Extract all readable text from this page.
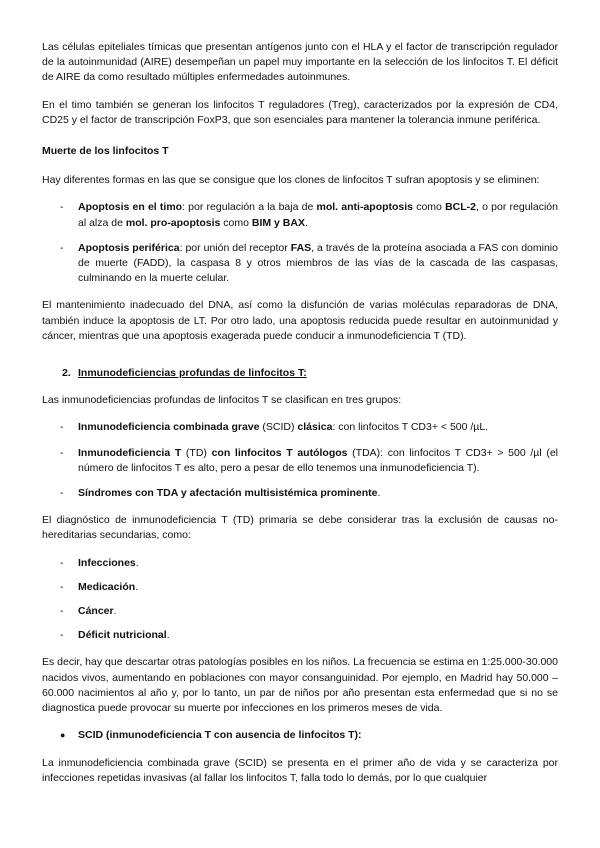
Las células epiteliales tímicas que presentan antígenos junto con el HLA y el factor de transcripción regulador de la autoinmunidad (AIRE) desempeñan un papel muy importante en la selección de los linfocitos T. El déficit de AIRE da como resultado múltiples enfermedades autoinmunes.

En el timo también se generan los linfocitos T reguladores (Treg), caracterizados por la expresión de CD4, CD25 y el factor de transcripción FoxP3, que son esenciales para mantener la tolerancia inmune periférica.

Muerte de los linfocitos T

Hay diferentes formas en las que se consigue que los clones de linfocitos T sufran apoptosis y se eliminen:

- Apoptosis en el timo: por regulación a la baja de mol. anti-apoptosis como BCL-2, o por regulación al alza de mol. pro-apoptosis como BIM y BAX.
- Apoptosis periférica: por unión del receptor FAS, a través de la proteína asociada a FAS con dominio de muerte (FADD), la caspasa 8 y otros miembros de las vías de la cascada de las caspasas, culminando en la muerte celular.

El mantenimiento inadecuado del DNA, así como la disfunción de varias moléculas reparadoras de DNA, también induce la apoptosis de LT. Por otro lado, una apoptosis reducida puede resultar en autoinmunidad y cáncer, mientras que una apoptosis exagerada puede conducir a inmunodeficiencia T (TD).

2. Inmunodeficiencias profundas de linfocitos T:

Las inmunodeficiencias profundas de linfocitos T se clasifican en tres grupos:

- Inmunodeficiencia combinada grave (SCID) clásica: con linfocitos T CD3+ < 500 /µL.
- Inmunodeficiencia T (TD) con linfocitos T autólogos (TDA): con linfocitos T CD3+ > 500 /µl (el número de linfocitos T es alto, pero a pesar de ello tenemos una inmunodeficiencia T).
- Síndromes con TDA y afectación multisistémica prominente.

El diagnóstico de inmunodeficiencia T (TD) primaria se debe considerar tras la exclusión de causas no-hereditarias secundarias, como:

- Infecciones.
- Medicación.
- Cáncer.
- Déficit nutricional.

Es decir, hay que descartar otras patologías posibles en los niños. La frecuencia se estima en 1:25.000-30.000 nacidos vivos, aumentando en poblaciones con mayor consanguinidad. Por ejemplo, en Madrid hay 50.000 – 60.000 nacimientos al año y, por lo tanto, un par de niños por año presentan esta enfermedad que si no se diagnostica puede provocar su muerte por infecciones en los primeros meses de vida.

● SCID (inmunodeficiencia T con ausencia de linfocitos T):

La inmunodeficiencia combinada grave (SCID) se presenta en el primer año de vida y se caracteriza por infecciones repetidas invasivas (al fallar los linfocitos T, falla todo lo demás, por lo que cualquier
